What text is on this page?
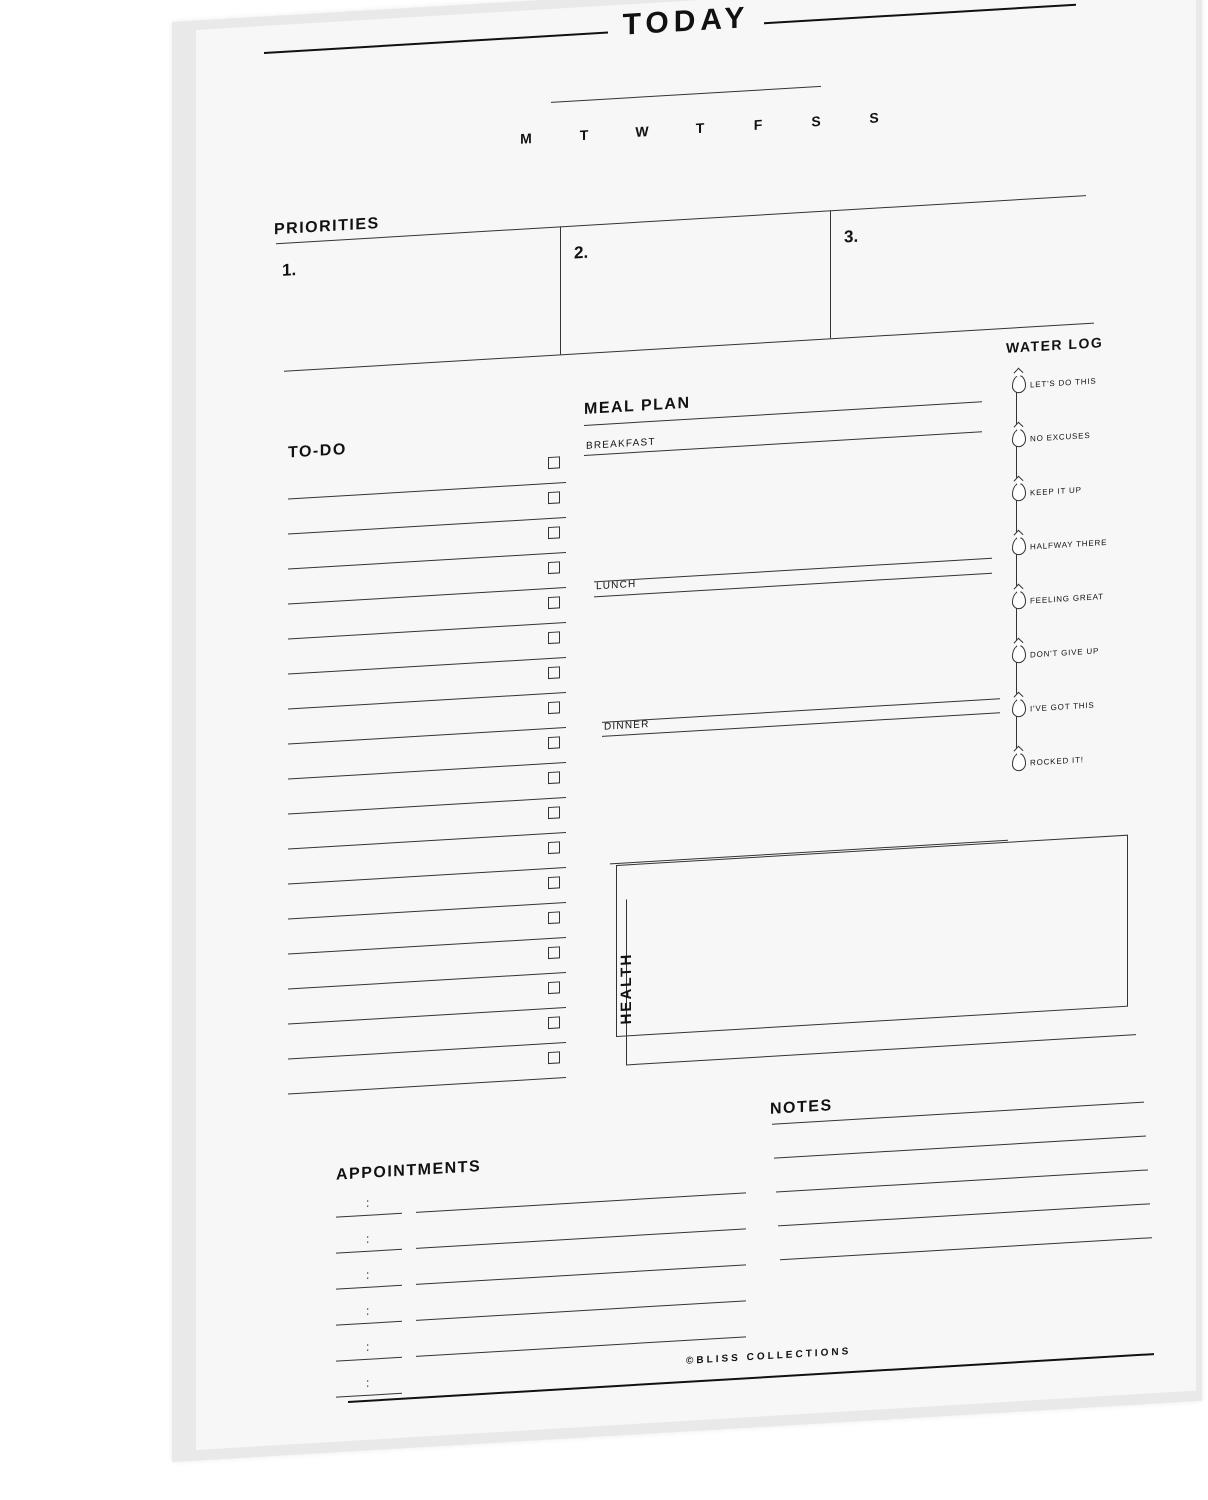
TODAY
M	T	W	T	F	S	S
PRIORITIES
1.
2.
3.
TO-DO
MEAL PLAN
BREAKFAST
LUNCH
DINNER
WATER LOG
LET'S DO THIS
NO EXCUSES
KEEP IT UP
HALFWAY THERE
FEELING GREAT
DON'T GIVE UP
I'VE GOT THIS
ROCKED IT!
HEALTH
APPOINTMENTS
:
:
:
:
:
:
NOTES
©BLISS COLLECTIONS
